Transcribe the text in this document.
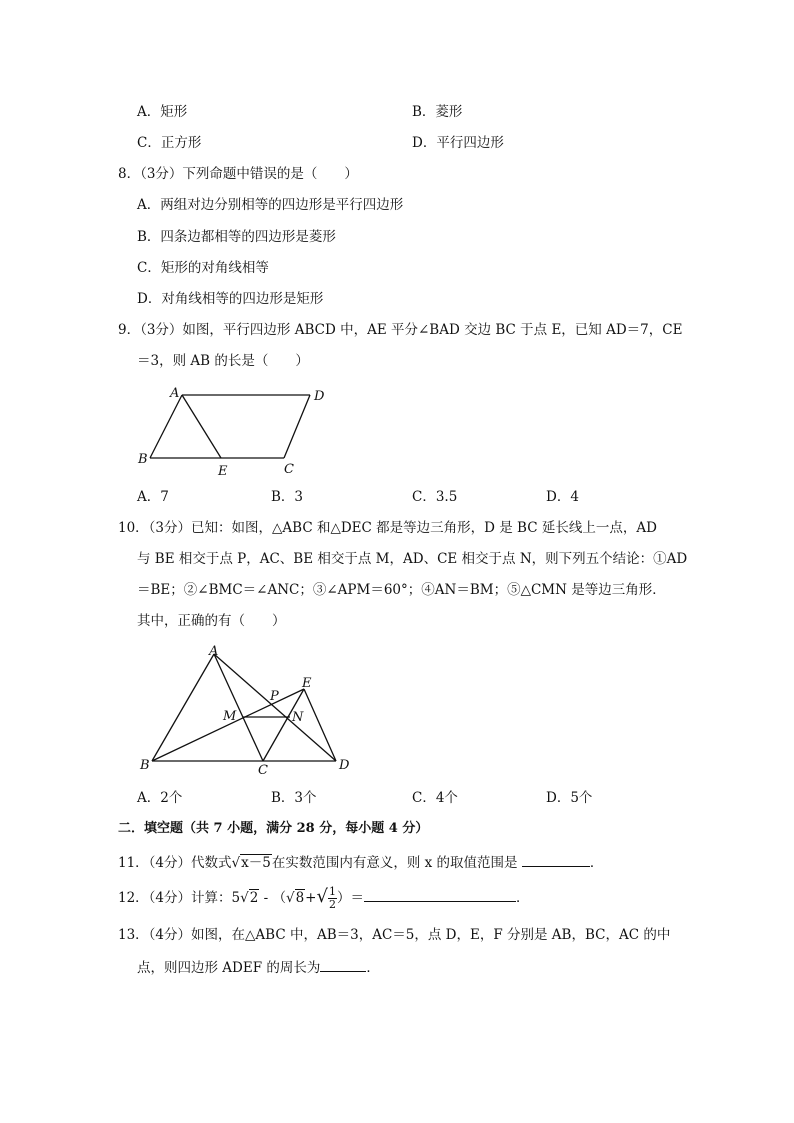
A．矩形	B．菱形
C．正方形	D．平行四边形
8．（3分）下列命题中错误的是（　　）
A．两组对边分别相等的四边形是平行四边形
B．四条边都相等的四边形是菱形
C．矩形的对角线相等
D．对角线相等的四边形是矩形
9．（3分）如图，平行四边形 ABCD 中，AE 平分∠BAD 交边 BC 于点 E，已知 AD＝7，CE
＝3，则 AB 的长是（　　）
A	D
B
E	C
A．7	B．3	C．3.5	D．4
10．（3分）已知：如图，△ABC 和△DEC 都是等边三角形，D 是 BC 延长线上一点，AD
与 BE 相交于点 P，AC、BE 相交于点 M，AD、CE 相交于点 N，则下列五个结论：①AD
＝BE；②∠BMC＝∠ANC；③∠APM＝60°；④AN＝BM；⑤△CMN 是等边三角形．
其中，正确的有（　　）
A
E
P
M	N
B	C	D
A．2个	B．3个	C．4个	D．5个
二．填空题（共 7 小题，满分 28 分，每小题 4 分）
11．（4分）代数式√x－5在实数范围内有意义，则 x 的取值范围是	．
12．（4分）计算：$5√2 - (√8+√ \frac{1}{2}$ ）＝	．
13．（4分）如图，在△ABC 中，AB＝3，AC＝5，点 D，E，F 分别是 AB，BC，AC 的中
点，则四边形 ADEF 的周长为	．
